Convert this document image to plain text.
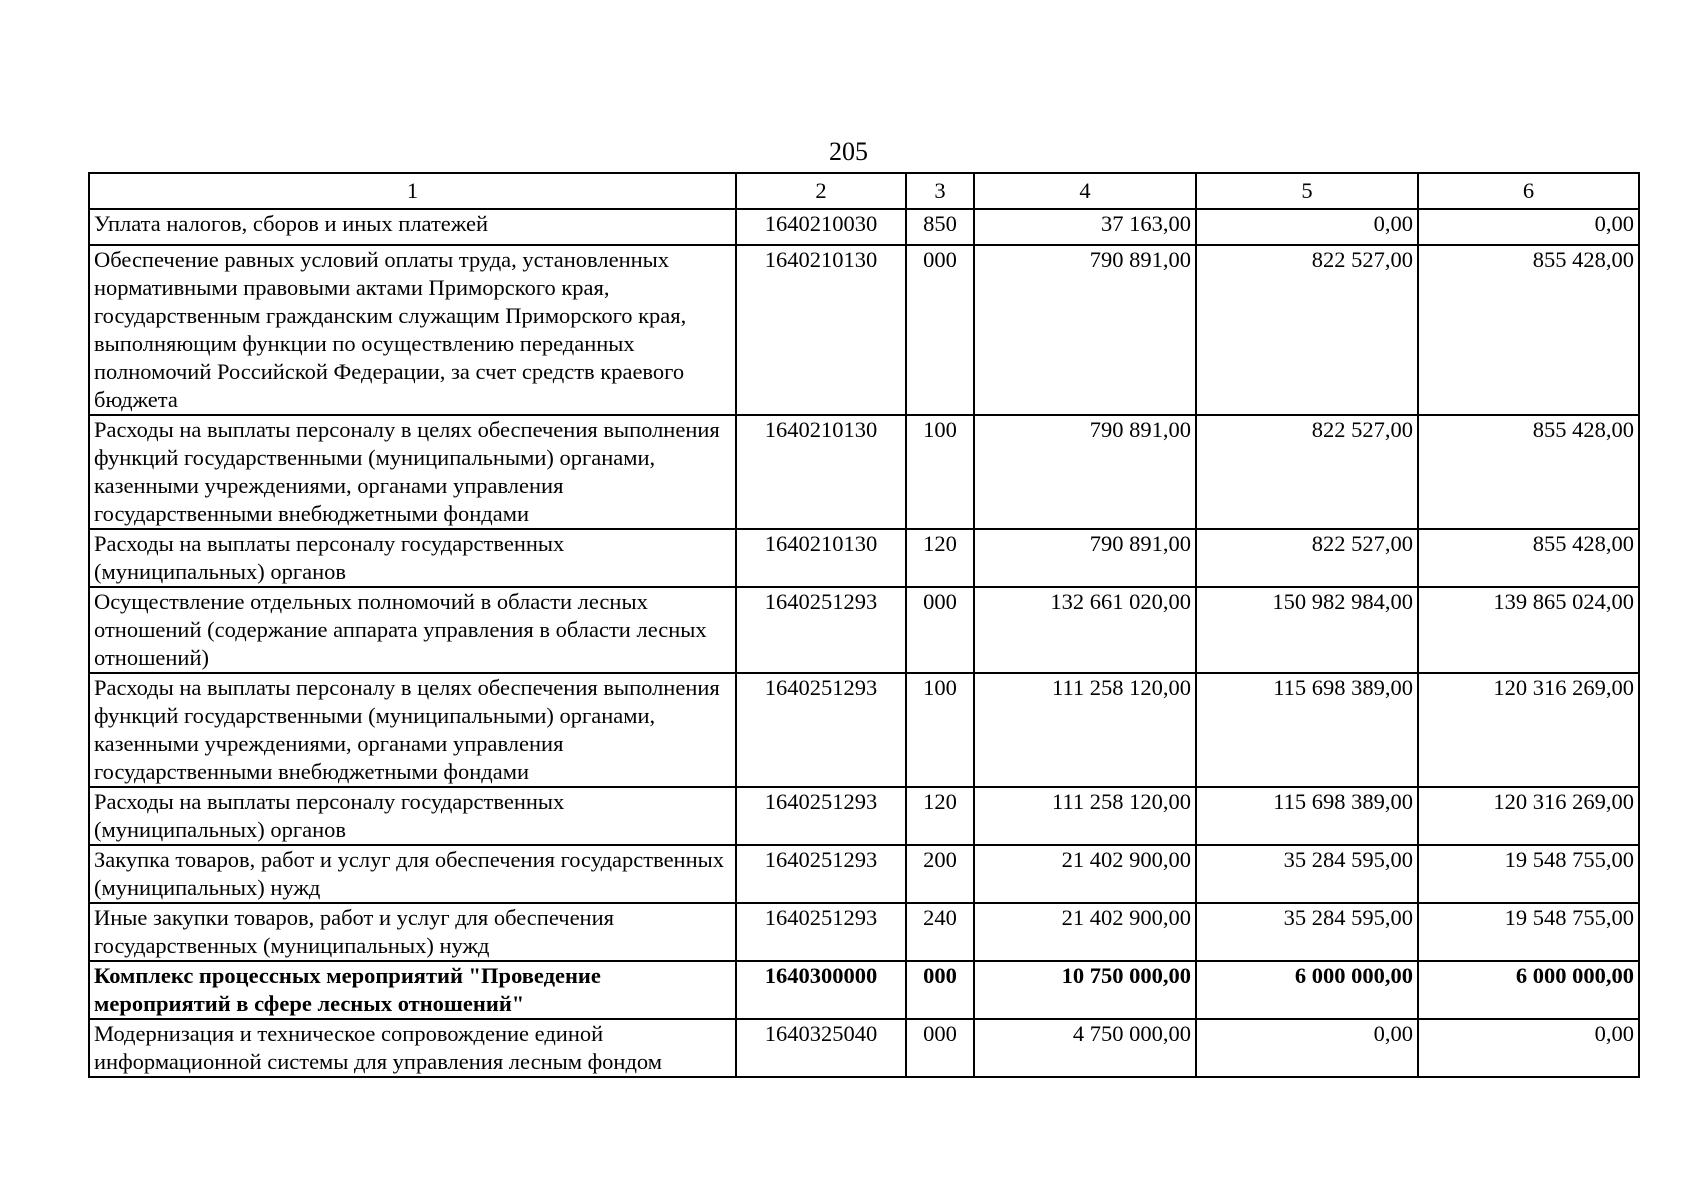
205
1	2	3	4	5	6
Уплата налогов, сборов и иных платежей	1640210030	850	37 163,00	0,00	0,00
Обеспечение равных условий оплаты труда, установленных нормативными правовыми актами Приморского края, государственным гражданским служащим Приморского края, выполняющим функции по осуществлению переданных полномочий Российской Федерации, за счет средств краевого бюджета	1640210130	000	790 891,00	822 527,00	855 428,00
Расходы на выплаты персоналу в целях обеспечения выполнения функций государственными (муниципальными) органами, казенными учреждениями, органами управления государственными внебюджетными фондами	1640210130	100	790 891,00	822 527,00	855 428,00
Расходы на выплаты персоналу государственных (муниципальных) органов	1640210130	120	790 891,00	822 527,00	855 428,00
Осуществление отдельных полномочий в области лесных отношений (содержание аппарата управления в области лесных отношений)	1640251293	000	132 661 020,00	150 982 984,00	139 865 024,00
Расходы на выплаты персоналу в целях обеспечения выполнения функций государственными (муниципальными) органами, казенными учреждениями, органами управления государственными внебюджетными фондами	1640251293	100	111 258 120,00	115 698 389,00	120 316 269,00
Расходы на выплаты персоналу государственных (муниципальных) органов	1640251293	120	111 258 120,00	115 698 389,00	120 316 269,00
Закупка товаров, работ и услуг для обеспечения государственных (муниципальных) нужд	1640251293	200	21 402 900,00	35 284 595,00	19 548 755,00
Иные закупки товаров, работ и услуг для обеспечения государственных (муниципальных) нужд	1640251293	240	21 402 900,00	35 284 595,00	19 548 755,00
Комплекс процессных мероприятий "Проведение мероприятий в сфере лесных отношений"	1640300000	000	10 750 000,00	6 000 000,00	6 000 000,00
Модернизация и техническое сопровождение единой информационной системы для управления лесным фондом	1640325040	000	4 750 000,00	0,00	0,00
